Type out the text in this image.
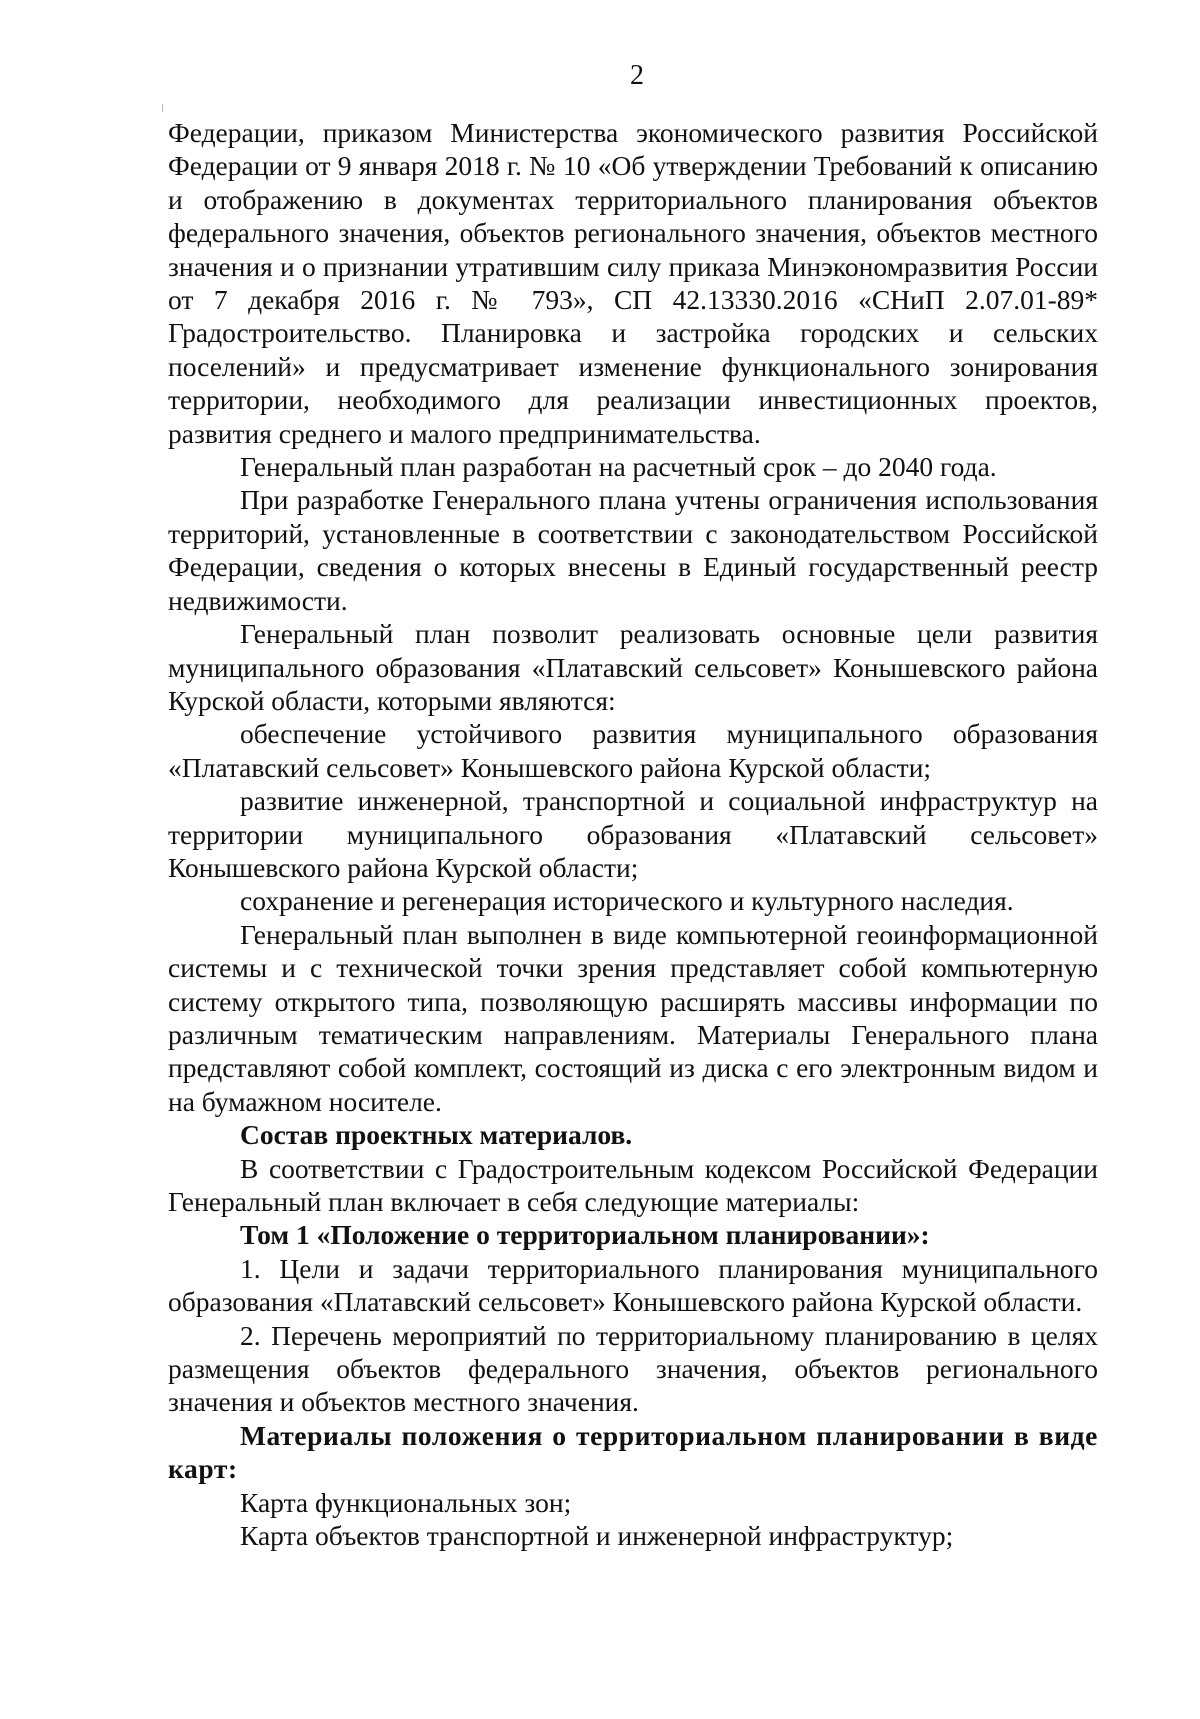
2

Федерации, приказом Министерства экономического развития Российской Федерации от 9 января 2018 г. № 10 «Об утверждении Требований к описанию и отображению в документах территориального планирования объектов федерального значения, объектов регионального значения, объектов местного значения и о признании утратившим силу приказа Минэкономразвития России от 7 декабря 2016 г. № 793», СП 42.13330.2016 «СНиП 2.07.01-89* Градостроительство. Планировка и застройка городских и сельских поселений» и предусматривает изменение функционального зонирования территории, необходимого для реализации инвестиционных проектов, развития среднего и малого предпринимательства.

Генеральный план разработан на расчетный срок – до 2040 года.

При разработке Генерального плана учтены ограничения использования территорий, установленные в соответствии с законодательством Российской Федерации, сведения о которых внесены в Единый государственный реестр недвижимости.

Генеральный план позволит реализовать основные цели развития муниципального образования «Платавский сельсовет» Конышевского района Курской области, которыми являются:

обеспечение устойчивого развития муниципального образования «Платавский сельсовет» Конышевского района Курской области;

развитие инженерной, транспортной и социальной инфраструктур на территории муниципального образования «Платавский сельсовет» Конышевского района Курской области;

сохранение и регенерация исторического и культурного наследия.

Генеральный план выполнен в виде компьютерной геоинформационной системы и с технической точки зрения представляет собой компьютерную систему открытого типа, позволяющую расширять массивы информации по различным тематическим направлениям. Материалы Генерального плана представляют собой комплект, состоящий из диска с его электронным видом и на бумажном носителе.

Состав проектных материалов.

В соответствии с Градостроительным кодексом Российской Федерации Генеральный план включает в себя следующие материалы:

Том 1 «Положение о территориальном планировании»:

1. Цели и задачи территориального планирования муниципального образования «Платавский сельсовет» Конышевского района Курской области.

2. Перечень мероприятий по территориальному планированию в целях размещения объектов федерального значения, объектов регионального значения и объектов местного значения.

Материалы положения о территориальном планировании в виде карт:

Карта функциональных зон;

Карта объектов транспортной и инженерной инфраструктур;
